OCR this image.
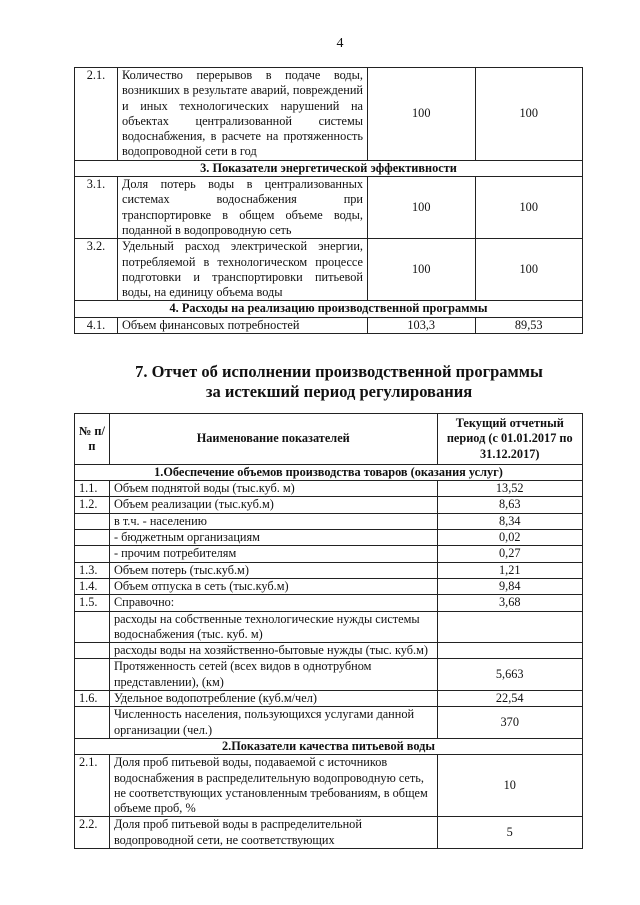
4
2.1.	Количество перерывов в подаче воды, возникших в результате аварий, повреждений и иных технологических нарушений на объектах централизованной системы водоснабжения, в расчете на протяженность водопроводной сети в год	100	100
3. Показатели энергетической эффективности			
3.1.	Доля потерь воды в централизованных системах водоснабжения при транспортировке в общем объеме воды, поданной в водопроводную сеть	100	100
3.2.	Удельный расход электрической энергии, потребляемой в технологическом процессе подготовки и транспортировки питьевой воды, на единицу объема воды	100	100
4. Расходы на реализацию производственной программы			
4.1.	Объем финансовых потребностей	103,3	89,53
7. Отчет об исполнении производственной программы
за истекший период регулирования
№ п/п	Наименование показателей	Текущий отчетный период (с 01.01.2017 по 31.12.2017)
1.Обеспечение объемов производства товаров (оказания услуг)		
1.1.	Объем поднятой воды (тыс.куб. м)	13,52
1.2.	Объем реализации (тыс.куб.м)	8,63
	в т.ч. - населению	8,34
	- бюджетным организациям	0,02
	- прочим потребителям	0,27
1.3.	Объем потерь (тыс.куб.м)	1,21
1.4.	Объем отпуска в сеть (тыс.куб.м)	9,84
1.5.	Справочно:	3,68
	расходы на собственные технологические нужды системы водоснабжения (тыс. куб. м)	
	расходы воды на хозяйственно-бытовые нужды (тыс. куб.м)	
	Протяженность сетей (всех видов в однотрубном представлении), (км)	5,663
1.6.	Удельное водопотребление (куб.м/чел)	22,54
	Численность населения, пользующихся услугами данной организации (чел.)	370
2.Показатели качества питьевой воды		
2.1.	Доля проб питьевой воды, подаваемой с источников водоснабжения в распределительную водопроводную сеть, не соответствующих установленным требованиям, в общем объеме проб, %	10
2.2.	Доля проб питьевой воды в распределительной водопроводной сети, не соответствующих	5
